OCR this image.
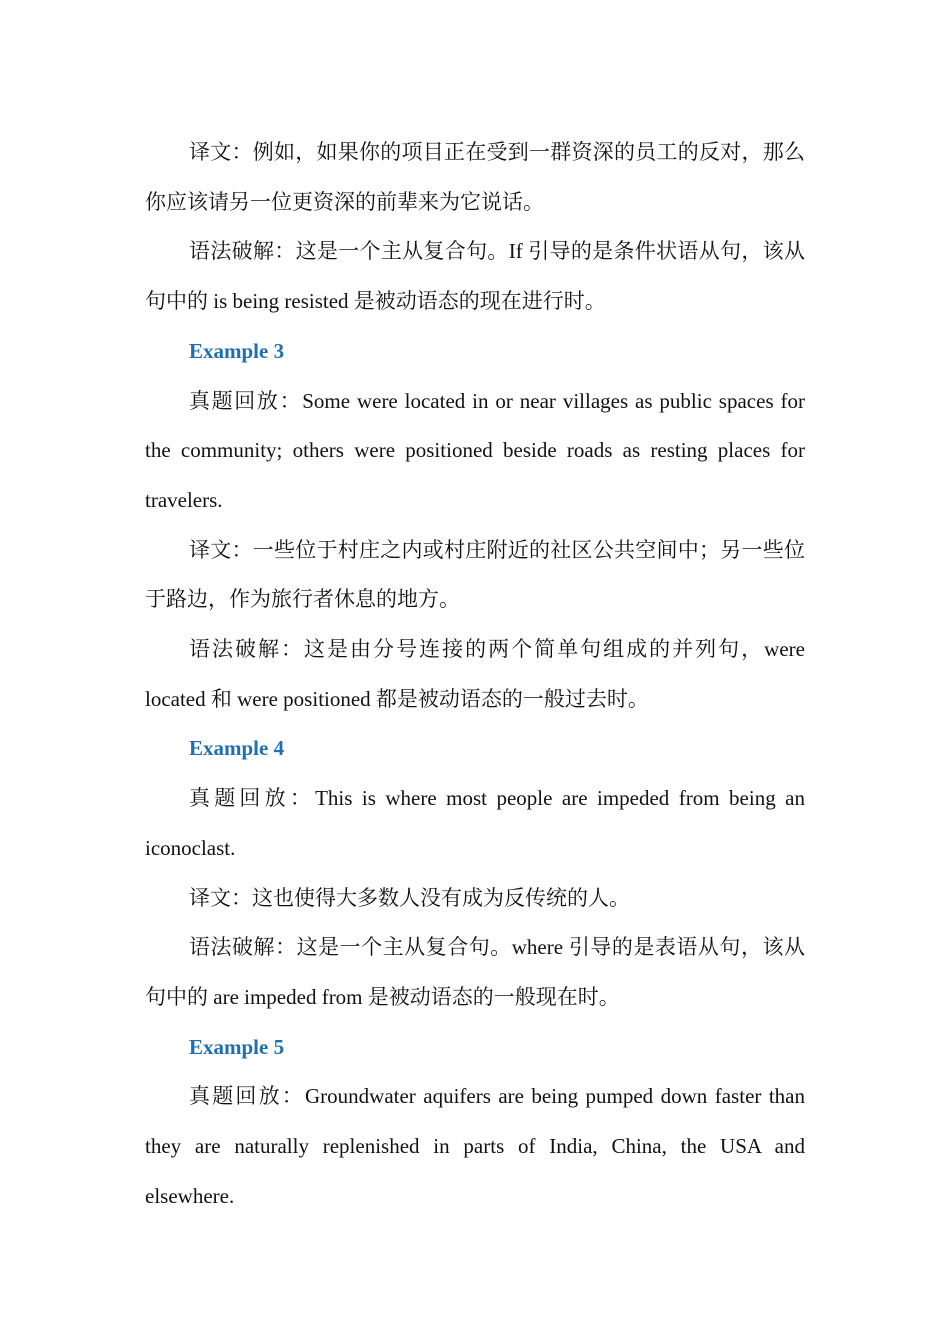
译文：例如，如果你的项目正在受到一群资深的员工的反对，那么你应该请另一位更资深的前辈来为它说话。

语法破解：这是一个主从复合句。If 引导的是条件状语从句，该从句中的 is being resisted 是被动语态的现在进行时。

Example 3

真题回放：Some were located in or near villages as public spaces for the community; others were positioned beside roads as resting places for travelers.

译文：一些位于村庄之内或村庄附近的社区公共空间中；另一些位于路边，作为旅行者休息的地方。

语法破解：这是由分号连接的两个简单句组成的并列句，were located 和 were positioned 都是被动语态的一般过去时。

Example 4

真题回放：This is where most people are impeded from being an iconoclast.

译文：这也使得大多数人没有成为反传统的人。

语法破解：这是一个主从复合句。where 引导的是表语从句，该从句中的 are impeded from 是被动语态的一般现在时。

Example 5

真题回放：Groundwater aquifers are being pumped down faster than they are naturally replenished in parts of India, China, the USA and elsewhere.
